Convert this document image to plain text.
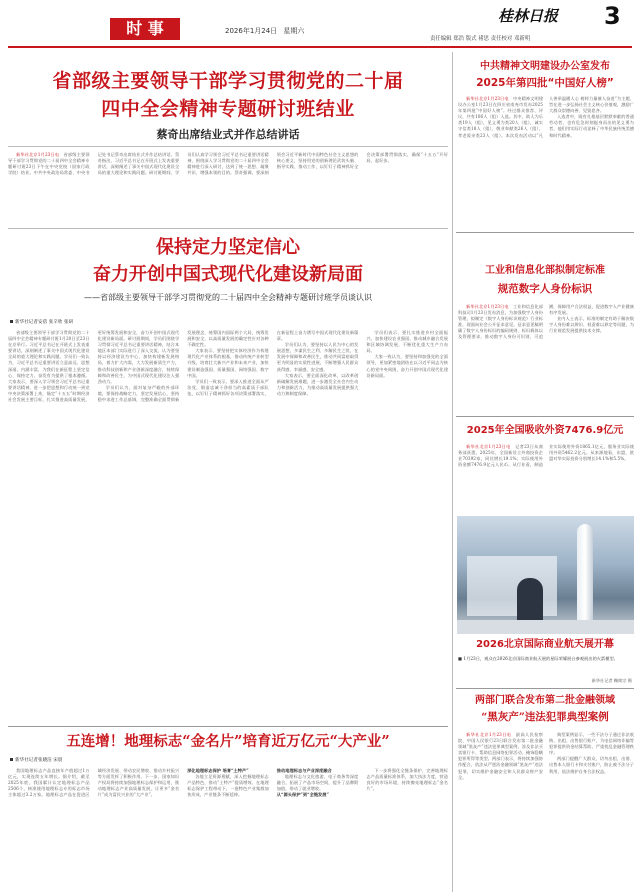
时 事	2026年1月24日 星期六
桂林日报 3
责任编辑 郑浩 版式 褚思 责任校对 邓新明
省部级主要领导干部学习贯彻党的二十届
四中全会精神专题研讨班结业
蔡奇出席结业式并作总结讲话

新华社北京1月23日电　 省部级主要领导干部学习贯彻党的二十届四中全会精神专题研讨班23日下午在中央党校（国家行政学院）结业。中共中央政治局常委、中央书记处书记蔡奇出席结业式并作总结讲话。蔡奇指出，习近平总书记在开班式上发表重要讲话，深刻阐述了事关中国式现代化建设全局的重大理论和实践问题。研讨班期间，学员们认真学习领会习近平总书记重要讲话精神，围绕深入学习贯彻党的二十届四中全会精神进行深入研讨，达到了统一思想、凝聚共识、增强本领的目的。蔡奇强调，要深刻领会习近平新时代中国特色社会主义思想的核心要义，坚持用党的创新理论武装头脑、指导实践、推动工作，以钉钉子精神抓好全会决策部署贯彻落实，确保“十五五”开好局、起好步。

保持定力坚定信心
奋力开创中国式现代化建设新局面
——省部级主要领导干部学习贯彻党的二十届四中全会精神专题研讨班学员谈认识
新华社记者安蓓 张辛欣 张研

省部级主要领导干部学习贯彻党的二十届四中全会精神专题研讨班1月20日至23日在京举行。习近平总书记在开班式上发表重要讲话，深刻阐述了事关中国式现代化建设全局的重大理论和实践问题。学员们一致认为，习近平总书记重要讲话立意高远、思想深邃、内涵丰富，为我们在新征程上坚定信心、保持定力、奋发有为提供了根本遵循。大家表示，要深入学习领会习近平总书记重要讲话精神，进一步把思想和行动统一到党中央决策部署上来，锚定“十五五”时期经济社会发展主要目标，扎实推进高质量发展，更好统筹发展和安全，奋力开创中国式现代化建设新局面。研讨班期间，学员们围绕学习贯彻习近平总书记重要讲话精神，结合本地区本部门实际进行了深入交流，认为要坚持以经济建设为中心，加快构建新发展格局，着力扩大内需，大力发展新质生产力，推动科技创新和产业创新深度融合，持续保障和改善民生，为中国式现代化建设注入强劲动力。

学员们认为，面对复杂严峻的外部环境，要保持战略定力，坚定发展信心，坚持稳中求进工作总基调，完整准确全面贯彻新发展理念，统筹国内国际两个大局，统筹发展和安全，以高质量发展的确定性应对各种不确定性。

大家表示，要坚持把实体经济作为构建现代化产业体系的根基，推动传统产业转型升级，培育壮大新兴产业和未来产业，加快建设制造强国、质量强国、网络强国、数字中国。

学员们一致表示，要深入推进全面从严治党，锻造忠诚干净担当的高素质干部队伍，以钉钉子精神抓好各项决策部署落实，在新征程上奋力谱写中国式现代化建设新篇章。

学员们认为，要坚持以人民为中心的发展思想，多谋民生之利、多解民生之忧，在发展中保障和改善民生，推动共同富裕取得更为明显的实质性进展，不断增强人民群众获得感、幸福感、安全感。

大家表示，要全面深化改革，以改革创新破解发展难题，进一步激发全社会内生动力和创新活力，为推动高质量发展提供强大动力和制度保障。

学员们表示，要扎实推进乡村全面振兴，加快建设农业强国，推动城乡融合发展和区域协调发展，不断优化重大生产力布局。

大家一致认为，要坚持和加强党的全面领导，更加紧密地团结在以习近平同志为核心的党中央周围，奋力开创中国式现代化建设新局面。

五连增！地理标志“金名片”培育近万亿元“大产业”
新华社记者张晓洁 宋晨

我国地理标志产品直接年产值超过1万亿元，实现连续五年增长。据介绍，截至2025年底，我国累计认定地理标志产品2506个，核准使用地理标志专用标志市场主体超过3.2万家。地理标志产品在促进区域经济发展、带动农民增收、推动乡村振兴等方面发挥了积极作用。下一步，国家知识产权局将持续加强地理标志保护和运用，推动地理标志产业高质量发展，让更多“金名片”成为富民兴业的“大产业”。

深化地理标志保护 培育“土特产”

各地立足资源禀赋，深入挖掘地理标志产品特色，推动“土特产”提质增效。在地理标志保护工程带动下，一批特色产业集群加快形成，产业链条不断延伸。

推动地理标志与产业深度融合

地理标志与文化旅游、电子商务等深度融合，拓展了产品市场空间，提升了品牌附加值，带动了就业增收。

从“源头保护”到“全链发展”

下一步将强化全链条保护，完善地理标志产品质量标准体系，加大执法力度，营造良好的市场环境，持续擦亮地理标志“金名片”。

中共精神文明建设办公室发布
2025年第四批“中国好人榜”

新华社北京1月23日电　 中央精神文明建设办公室1月23日在四川省南充市发布2025年第四批“中国好人榜”。经过群众推荐、评议，共有106人（组）入选。其中，助人为乐类19人（组），见义勇为类20人（组），诚实守信类18人（组），敬业奉献类26人（组），孝老爱亲类23人（组）。本次发布活动以“凡人善举温暖人心 榜样力量催人奋进”为主题，旨在进一步弘扬社会主义核心价值观，激励广大群众崇德向善、见贤思齐。

入选者中，既有扎根基层默默奉献的普通劳动者，也有危急时刻挺身而出的见义勇为者，他们用实际行动诠释了中华民族传统美德和时代精神。

工业和信息化部拟制定标准
规范数字人身份标识

新华社北京1月23日电　 工业和信息化部科技司1月23日发布消息，为加强数字人身份管理，拟制定《数字人身份标识规范》行业标准，现面向社会公开征求意见。征求意见稿明确了数字人身份标识的编码规则、标识载体以及管理要求，推动数字人身份可识别、可追溯，保障用户合法权益，促进数字人产业健康有序发展。

业内人士表示，标准的制定有助于解决数字人身份难以辨识、权责难以界定等问题，为行业规范发展提供技术支撑。

2025年全国吸收外资7476.9亿元

新华社北京1月23日电　 记者23日从商务部获悉，2025年，全国新设立外商投资企业70392家，同比增长19.1%；实际使用外资金额7476.9亿元人民币。从行业看，制造业实际使用外资1865.1亿元，服务业实际使用外资5462.2亿元。从来源地看，东盟、欧盟对华实际投资分别增长14.1%和5.5%。

2026北京国际商业航天展开幕

■ 1月23日，观众在2026北京国际商业航天展的星际荣耀展台参观展出的火箭模型。

新华社记者 鞠焕宗 摄
两部门联合发布第二批金融领域
“黑灰产”违法犯罪典型案例

新华社北京1月23日电　 最高人民检察院、中国人民银行23日联合发布第二批金融领域“黑灰产”违法犯罪典型案例，涉及非法买卖银行卡、帮助信息网络犯罪活动、掩饰隐瞒犯罪所得等类型。两部门表示，将持续加强协作配合，依法从严惩治金融领域“黑灰产”违法犯罪，切实维护金融安全和人民群众财产安全。

典型案例显示，一些不法分子通过非法收购、出租、出售银行账户，为电信网络诈骗等犯罪提供资金结算帮助，严重扰乱金融管理秩序。

两部门提醒广大群众，切勿出租、出借、出售本人银行卡和支付账户，防止被不法分子利用，依法维护自身合法权益。
